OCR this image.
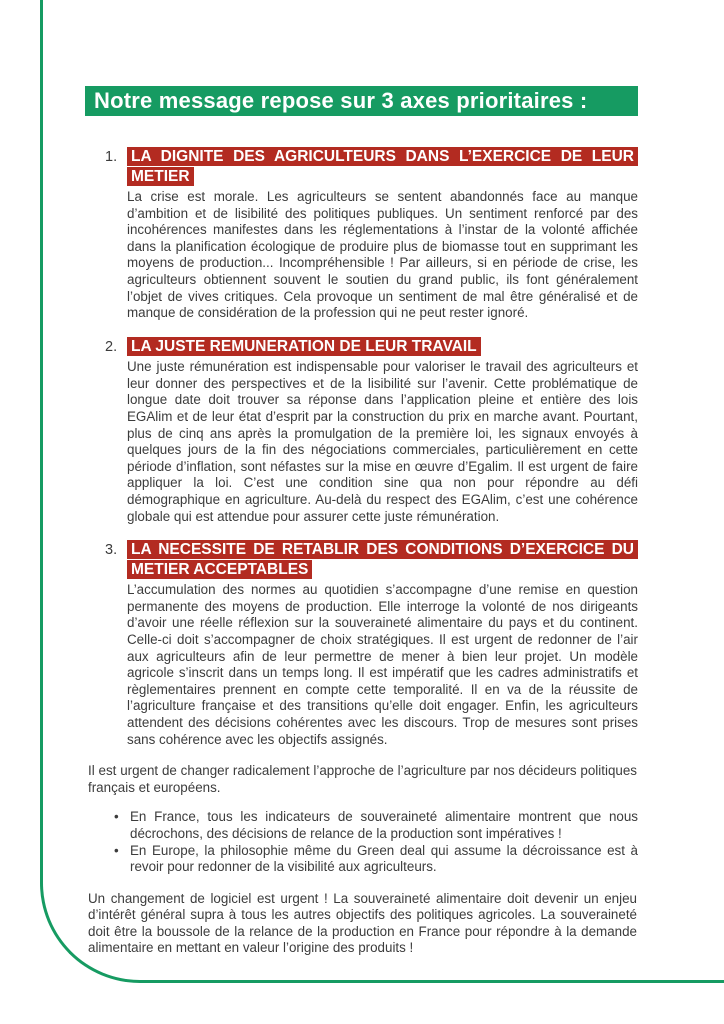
Notre message repose sur 3 axes prioritaires :
1. LA DIGNITE DES AGRICULTEURS DANS L’EXERCICE DE LEUR METIER

La crise est morale. Les agriculteurs se sentent abandonnés face au manque d’ambition et de lisibilité des politiques publiques. Un sentiment renforcé par des incohérences manifestes dans les réglementations à l’instar de la volonté affichée dans la planification écologique de produire plus de biomasse tout en supprimant les moyens de production... Incompréhensible ! Par ailleurs, si en période de crise, les agriculteurs obtiennent souvent le soutien du grand public, ils font généralement l’objet de vives critiques. Cela provoque un sentiment de mal être généralisé et de manque de considération de la profession qui ne peut rester ignoré.

2. LA JUSTE REMUNERATION DE LEUR TRAVAIL

Une juste rémunération est indispensable pour valoriser le travail des agriculteurs et leur donner des perspectives et de la lisibilité sur l’avenir. Cette problématique de longue date doit trouver sa réponse dans l’application pleine et entière des lois EGAlim et de leur état d’esprit par la construction du prix en marche avant. Pourtant, plus de cinq ans après la promulgation de la première loi, les signaux envoyés à quelques jours de la fin des négociations commerciales, particulièrement en cette période d’inflation, sont néfastes sur la mise en œuvre d’Egalim. Il est urgent de faire appliquer la loi. C’est une condition sine qua non pour répondre au défi démographique en agriculture. Au-delà du respect des EGAlim, c’est une cohérence globale qui est attendue pour assurer cette juste rémunération.

3. LA NECESSITE DE RETABLIR DES CONDITIONS D’EXERCICE DU METIER ACCEPTABLES

L’accumulation des normes au quotidien s’accompagne d’une remise en question permanente des moyens de production. Elle interroge la volonté de nos dirigeants d’avoir une réelle réflexion sur la souveraineté alimentaire du pays et du continent. Celle-ci doit s’accompagner de choix stratégiques. Il est urgent de redonner de l’air aux agriculteurs afin de leur permettre de mener à bien leur projet. Un modèle agricole s’inscrit dans un temps long. Il est impératif que les cadres administratifs et règlementaires prennent en compte cette temporalité. Il en va de la réussite de l’agriculture française et des transitions qu’elle doit engager. Enfin, les agriculteurs attendent des décisions cohérentes avec les discours. Trop de mesures sont prises sans cohérence avec les objectifs assignés.

Il est urgent de changer radicalement l’approche de l’agriculture par nos décideurs politiques français et européens.

• En France, tous les indicateurs de souveraineté alimentaire montrent que nous décrochons, des décisions de relance de la production sont impératives !
• En Europe, la philosophie même du Green deal qui assume la décroissance est à revoir pour redonner de la visibilité aux agriculteurs.

Un changement de logiciel est urgent ! La souveraineté alimentaire doit devenir un enjeu d’intérêt général supra à tous les autres objectifs des politiques agricoles. La souveraineté doit être la boussole de la relance de la production en France pour répondre à la demande alimentaire en mettant en valeur l’origine des produits !
